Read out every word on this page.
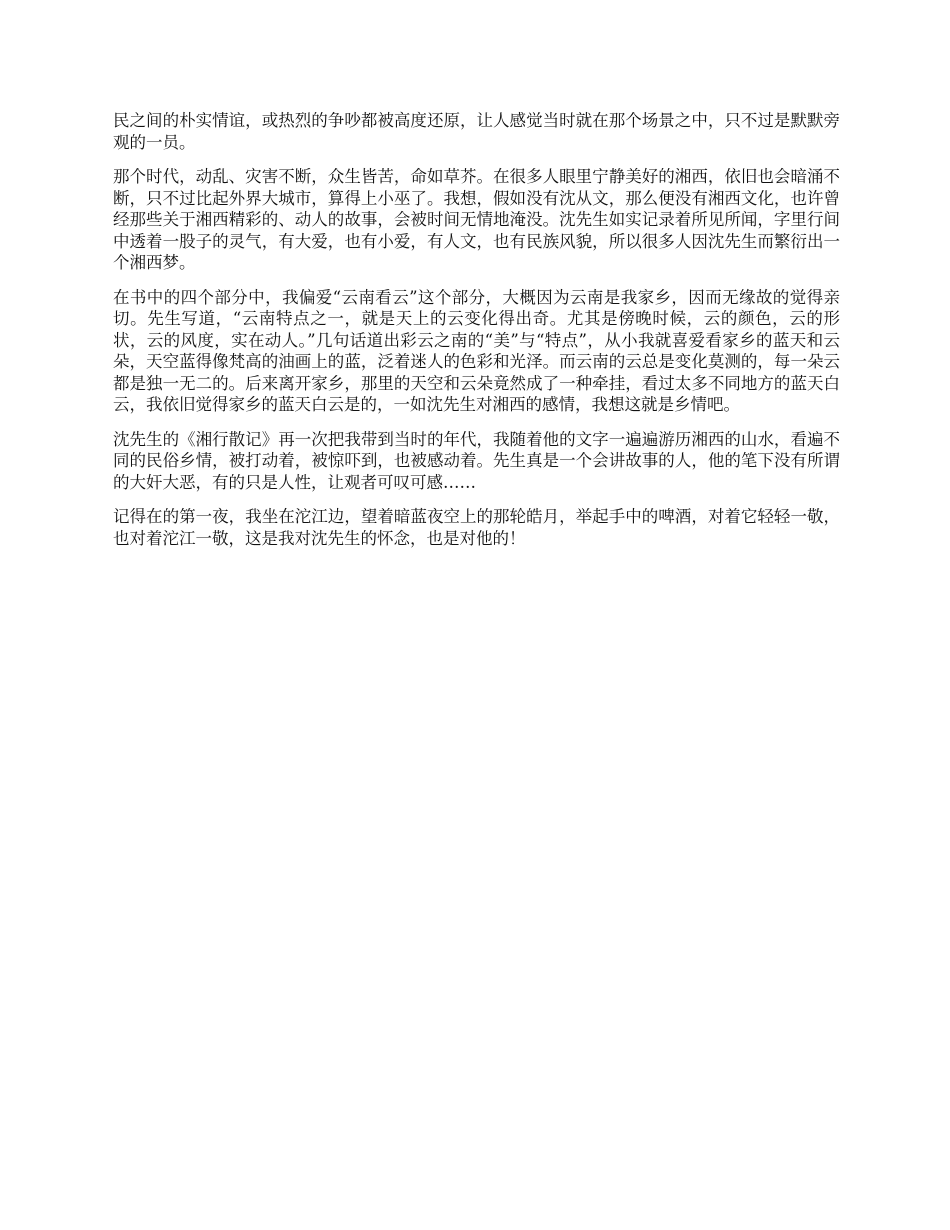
民之间的朴实情谊，或热烈的争吵都被高度还原，让人感觉当时就在那个场景之中，只不过是默默旁观的一员。

那个时代，动乱、灾害不断，众生皆苦，命如草芥。在很多人眼里宁静美好的湘西，依旧也会暗涌不断，只不过比起外界大城市，算得上小巫了。我想，假如没有沈从文，那么便没有湘西文化，也许曾经那些关于湘西精彩的、动人的故事，会被时间无情地淹没。沈先生如实记录着所见所闻，字里行间中透着一股子的灵气，有大爱，也有小爱，有人文，也有民族风貌，所以很多人因沈先生而繁衍出一个湘西梦。

在书中的四个部分中，我偏爱“云南看云”这个部分，大概因为云南是我家乡，因而无缘故的觉得亲切。先生写道，“云南特点之一，就是天上的云变化得出奇。尤其是傍晚时候，云的颜色，云的形状，云的风度，实在动人。”几句话道出彩云之南的“美”与“特点”，从小我就喜爱看家乡的蓝天和云朵，天空蓝得像梵高的油画上的蓝，泛着迷人的色彩和光泽。而云南的云总是变化莫测的，每一朵云都是独一无二的。后来离开家乡，那里的天空和云朵竟然成了一种牵挂，看过太多不同地方的蓝天白云，我依旧觉得家乡的蓝天白云是的，一如沈先生对湘西的感情，我想这就是乡情吧。

沈先生的《湘行散记》再一次把我带到当时的年代，我随着他的文字一遍遍游历湘西的山水，看遍不同的民俗乡情，被打动着，被惊吓到，也被感动着。先生真是一个会讲故事的人，他的笔下没有所谓的大奸大恶，有的只是人性，让观者可叹可感……

记得在的第一夜，我坐在沱江边，望着暗蓝夜空上的那轮皓月，举起手中的啤酒，对着它轻轻一敬，也对着沱江一敬，这是我对沈先生的怀念，也是对他的！
